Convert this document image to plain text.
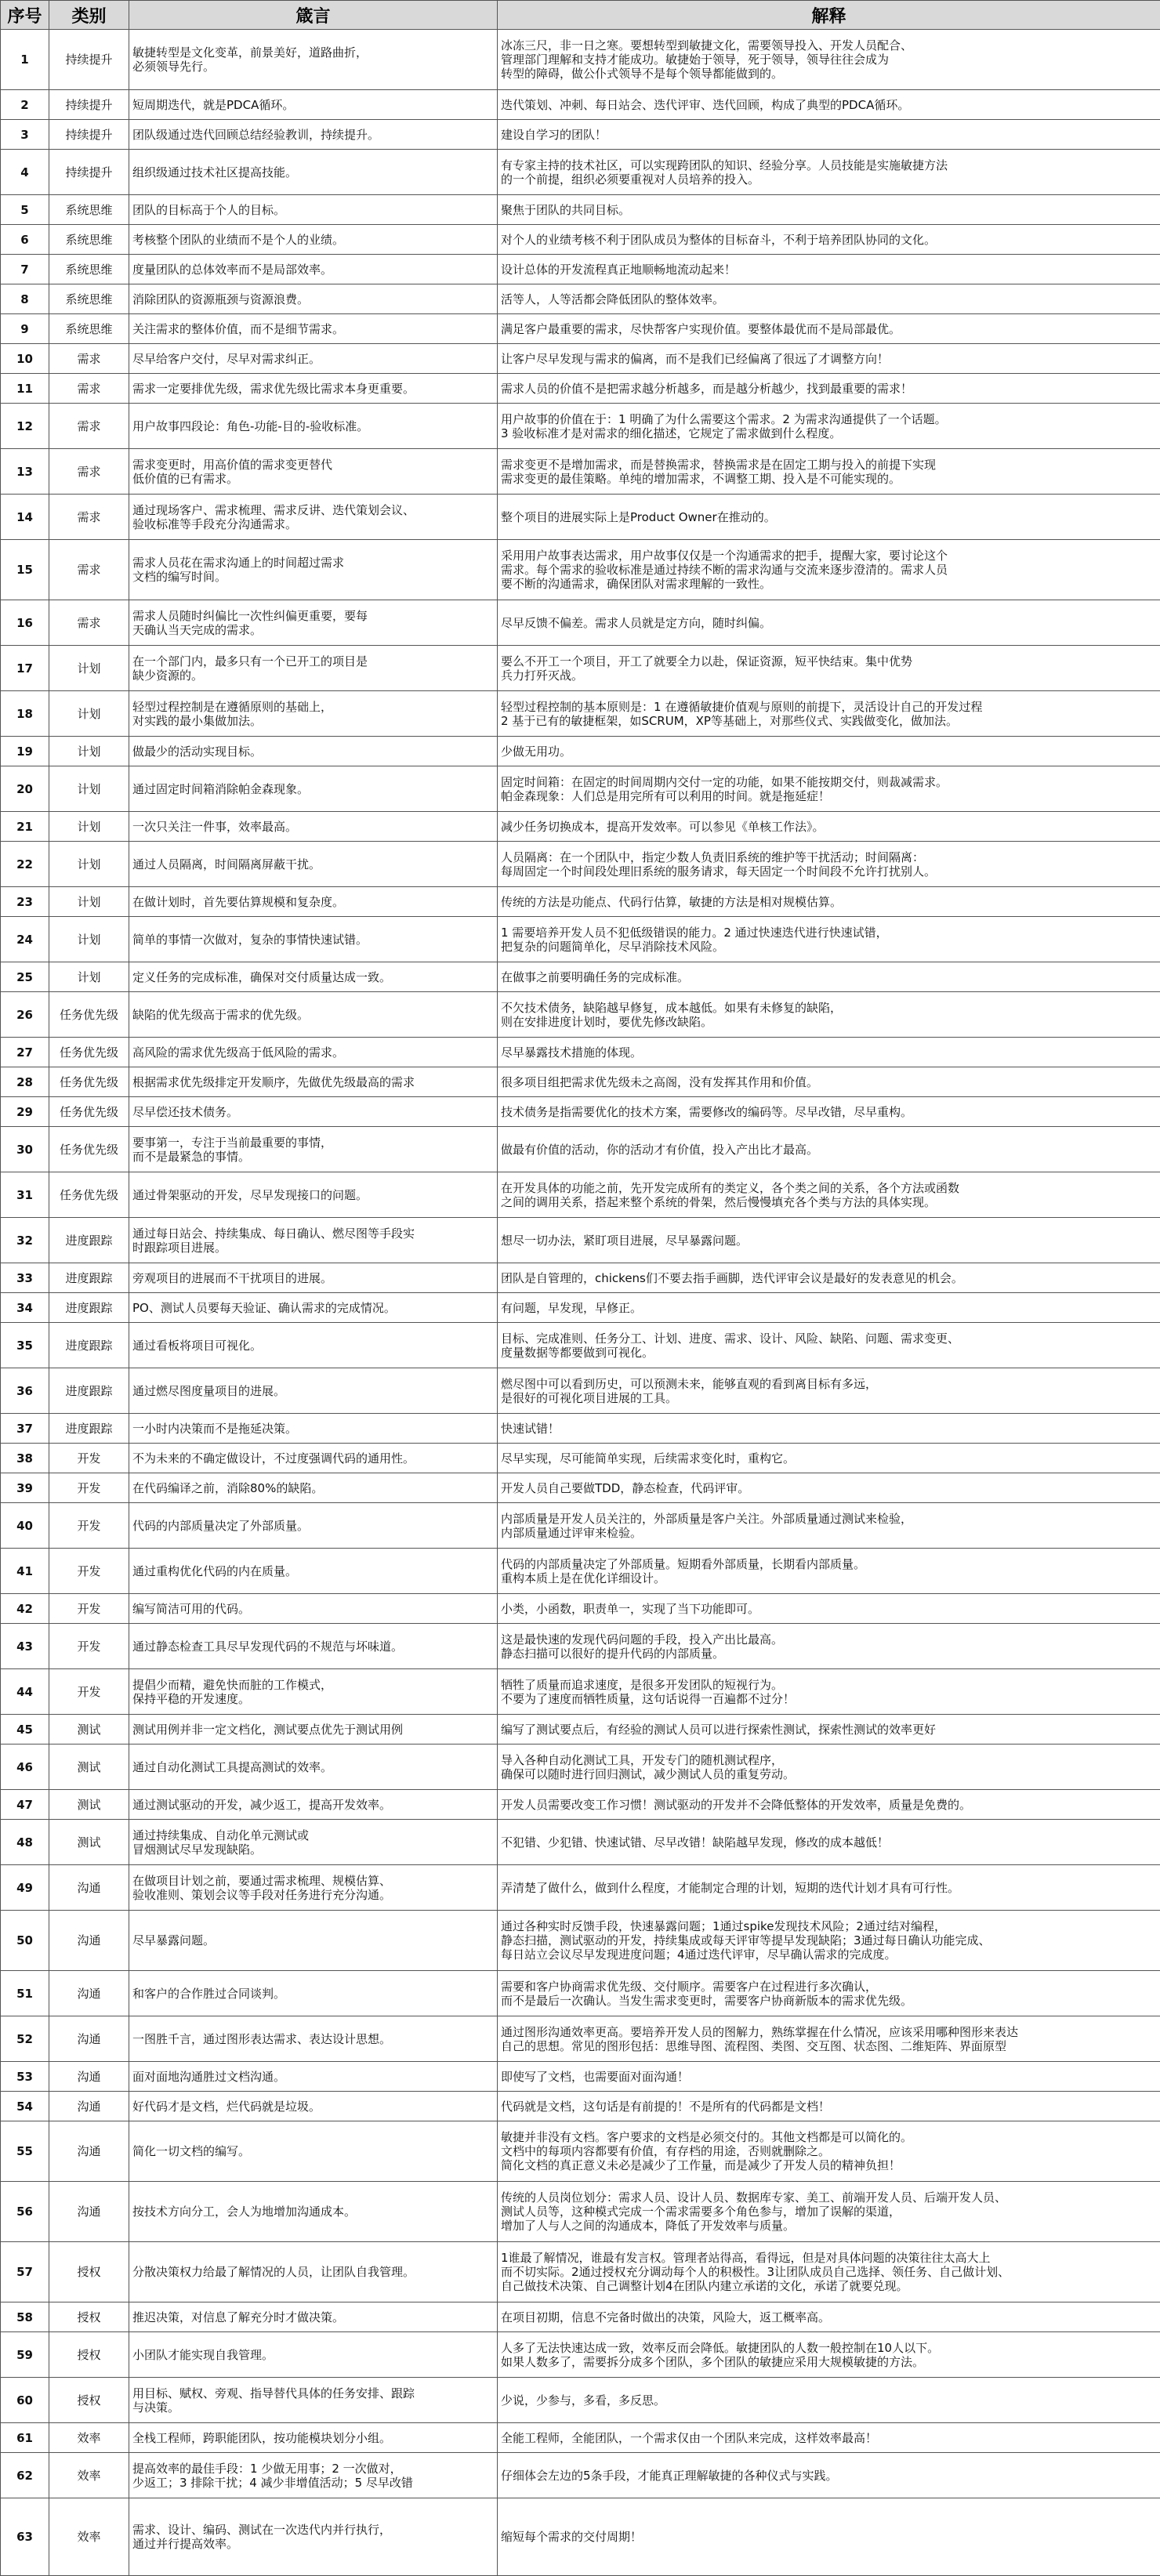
序号	类别	箴言	解释
1	持续提升	敏捷转型是文化变革，前景美好，道路曲折，
必须领导先行。	冰冻三尺，非一日之寒。要想转型到敏捷文化，需要领导投入、开发人员配合、
管理部门理解和支持才能成功。敏捷始于领导，死于领导，领导往往会成为
转型的障碍，做公仆式领导不是每个领导都能做到的。
2	持续提升	短周期迭代，就是PDCA循环。	迭代策划、冲刺、每日站会、迭代评审、迭代回顾，构成了典型的PDCA循环。
3	持续提升	团队级通过迭代回顾总结经验教训，持续提升。	建设自学习的团队！
4	持续提升	组织级通过技术社区提高技能。	有专家主持的技术社区，可以实现跨团队的知识、经验分享。人员技能是实施敏捷方法
的一个前提，组织必须要重视对人员培养的投入。
5	系统思维	团队的目标高于个人的目标。	聚焦于团队的共同目标。
6	系统思维	考核整个团队的业绩而不是个人的业绩。	对个人的业绩考核不利于团队成员为整体的目标奋斗，不利于培养团队协同的文化。
7	系统思维	度量团队的总体效率而不是局部效率。	设计总体的开发流程真正地顺畅地流动起来！
8	系统思维	消除团队的资源瓶颈与资源浪费。	活等人，人等活都会降低团队的整体效率。
9	系统思维	关注需求的整体价值，而不是细节需求。	满足客户最重要的需求，尽快帮客户实现价值。要整体最优而不是局部最优。
10	需求	尽早给客户交付，尽早对需求纠正。	让客户尽早发现与需求的偏离，而不是我们已经偏离了很远了才调整方向！
11	需求	需求一定要排优先级，需求优先级比需求本身更重要。	需求人员的价值不是把需求越分析越多，而是越分析越少，找到最重要的需求！
12	需求	用户故事四段论：角色-功能-目的-验收标准。	用户故事的价值在于：1 明确了为什么需要这个需求。2 为需求沟通提供了一个话题。
3 验收标准才是对需求的细化描述，它规定了需求做到什么程度。
13	需求	需求变更时，用高价值的需求变更替代
低价值的已有需求。	需求变更不是增加需求，而是替换需求，替换需求是在固定工期与投入的前提下实现
需求变更的最佳策略。单纯的增加需求，不调整工期、投入是不可能实现的。
14	需求	通过现场客户、需求梳理、需求反讲、迭代策划会议、
验收标准等手段充分沟通需求。	整个项目的进展实际上是Product Owner在推动的。
15	需求	需求人员花在需求沟通上的时间超过需求
文档的编写时间。	采用用户故事表达需求，用户故事仅仅是一个沟通需求的把手，提醒大家，要讨论这个
需求。每个需求的验收标准是通过持续不断的需求沟通与交流来逐步澄清的。需求人员
要不断的沟通需求，确保团队对需求理解的一致性。
16	需求	需求人员随时纠偏比一次性纠偏更重要，要每
天确认当天完成的需求。	尽早反馈不偏差。需求人员就是定方向，随时纠偏。
17	计划	在一个部门内，最多只有一个已开工的项目是
缺少资源的。	要么不开工一个项目，开工了就要全力以赴，保证资源，短平快结束。集中优势
兵力打歼灭战。
18	计划	轻型过程控制是在遵循原则的基础上，
对实践的最小集做加法。	轻型过程控制的基本原则是：1 在遵循敏捷价值观与原则的前提下，灵活设计自己的开发过程
2 基于已有的敏捷框架，如SCRUM，XP等基础上，对那些仪式、实践做变化，做加法。
19	计划	做最少的活动实现目标。	少做无用功。
20	计划	通过固定时间箱消除帕金森现象。	固定时间箱：在固定的时间周期内交付一定的功能，如果不能按期交付，则裁减需求。
帕金森现象：人们总是用完所有可以利用的时间。就是拖延症！
21	计划	一次只关注一件事，效率最高。	减少任务切换成本，提高开发效率。可以参见《单核工作法》。
22	计划	通过人员隔离，时间隔离屏蔽干扰。	人员隔离：在一个团队中，指定少数人负责旧系统的维护等干扰活动；时间隔离：
每周固定一个时间段处理旧系统的服务请求，每天固定一个时间段不允许打扰别人。
23	计划	在做计划时，首先要估算规模和复杂度。	传统的方法是功能点、代码行估算，敏捷的方法是相对规模估算。
24	计划	简单的事情一次做对，复杂的事情快速试错。	1 需要培养开发人员不犯低级错误的能力。2 通过快速迭代进行快速试错，
把复杂的问题简单化，尽早消除技术风险。
25	计划	定义任务的完成标准，确保对交付质量达成一致。	在做事之前要明确任务的完成标准。
26	任务优先级	缺陷的优先级高于需求的优先级。	不欠技术债务，缺陷越早修复，成本越低。如果有未修复的缺陷，
则在安排进度计划时，要优先修改缺陷。
27	任务优先级	高风险的需求优先级高于低风险的需求。	尽早暴露技术措施的体现。
28	任务优先级	根据需求优先级排定开发顺序，先做优先级最高的需求	很多项目组把需求优先级未之高阁，没有发挥其作用和价值。
29	任务优先级	尽早偿还技术债务。	技术债务是指需要优化的技术方案，需要修改的编码等。尽早改错，尽早重构。
30	任务优先级	要事第一，专注于当前最重要的事情，
而不是最紧急的事情。	做最有价值的活动，你的活动才有价值，投入产出比才最高。
31	任务优先级	通过骨架驱动的开发，尽早发现接口的问题。	在开发具体的功能之前，先开发完成所有的类定义，各个类之间的关系，各个方法或函数
之间的调用关系，搭起来整个系统的骨架，然后慢慢填充各个类与方法的具体实现。
32	进度跟踪	通过每日站会、持续集成、每日确认、燃尽图等手段实
时跟踪项目进展。	想尽一切办法，紧盯项目进展，尽早暴露问题。
33	进度跟踪	旁观项目的进展而不干扰项目的进展。	团队是自管理的，chickens们不要去指手画脚，迭代评审会议是最好的发表意见的机会。
34	进度跟踪	PO、测试人员要每天验证、确认需求的完成情况。	有问题，早发现，早修正。
35	进度跟踪	通过看板将项目可视化。	目标、完成准则、任务分工、计划、进度、需求、设计、风险、缺陷、问题、需求变更、
度量数据等都要做到可视化。
36	进度跟踪	通过燃尽图度量项目的进展。	燃尽图中可以看到历史，可以预测未来，能够直观的看到离目标有多远，
是很好的可视化项目进展的工具。
37	进度跟踪	一小时内决策而不是拖延决策。	快速试错！
38	开发	不为未来的不确定做设计，不过度强调代码的通用性。	尽早实现，尽可能简单实现，后续需求变化时，重构它。
39	开发	在代码编译之前，消除80%的缺陷。	开发人员自己要做TDD，静态检查，代码评审。
40	开发	代码的内部质量决定了外部质量。	内部质量是开发人员关注的，外部质量是客户关注。外部质量通过测试来检验，
内部质量通过评审来检验。
41	开发	通过重构优化代码的内在质量。	代码的内部质量决定了外部质量。短期看外部质量，长期看内部质量。
重构本质上是在优化详细设计。
42	开发	编写简洁可用的代码。	小类，小函数，职责单一，实现了当下功能即可。
43	开发	通过静态检查工具尽早发现代码的不规范与坏味道。	这是最快速的发现代码问题的手段，投入产出比最高。
静态扫描可以很好的提升代码的内部质量。
44	开发	提倡少而精，避免快而脏的工作模式，
保持平稳的开发速度。	牺牲了质量而追求速度，是很多开发团队的短视行为。
不要为了速度而牺牲质量，这句话说得一百遍都不过分！
45	测试	测试用例并非一定文档化，测试要点优先于测试用例	编写了测试要点后，有经验的测试人员可以进行探索性测试，探索性测试的效率更好
46	测试	通过自动化测试工具提高测试的效率。	导入各种自动化测试工具，开发专门的随机测试程序，
确保可以随时进行回归测试，减少测试人员的重复劳动。
47	测试	通过测试驱动的开发，减少返工，提高开发效率。	开发人员需要改变工作习惯！测试驱动的开发并不会降低整体的开发效率，质量是免费的。
48	测试	通过持续集成、自动化单元测试或
冒烟测试尽早发现缺陷。	不犯错、少犯错、快速试错、尽早改错！缺陷越早发现，修改的成本越低！
49	沟通	在做项目计划之前，要通过需求梳理、规模估算、
验收准则、策划会议等手段对任务进行充分沟通。	弄清楚了做什么，做到什么程度，才能制定合理的计划，短期的迭代计划才具有可行性。
50	沟通	尽早暴露问题。	通过各种实时反馈手段，快速暴露问题；1通过spike发现技术风险；2通过结对编程，
静态扫描，测试驱动的开发，持续集成或每天评审等提早发现缺陷；3通过每日确认功能完成、
每日站立会议尽早发现进度问题；4通过迭代评审，尽早确认需求的完成度。
51	沟通	和客户的合作胜过合同谈判。	需要和客户协商需求优先级、交付顺序。需要客户在过程进行多次确认，
而不是最后一次确认。当发生需求变更时，需要客户协商新版本的需求优先级。
52	沟通	一图胜千言，通过图形表达需求、表达设计思想。	通过图形沟通效率更高。要培养开发人员的图解力，熟练掌握在什么情况，应该采用哪种图形来表达
自己的思想。常见的图形包括：思维导图、流程图、类图、交互图、状态图、二维矩阵、界面原型
53	沟通	面对面地沟通胜过文档沟通。	即使写了文档，也需要面对面沟通！
54	沟通	好代码才是文档，烂代码就是垃圾。	代码就是文档，这句话是有前提的！不是所有的代码都是文档！
55	沟通	简化一切文档的编写。	敏捷并非没有文档。客户要求的文档是必须交付的。其他文档都是可以简化的。
文档中的每项内容都要有价值，有存档的用途，否则就删除之。
简化文档的真正意义未必是减少了工作量，而是减少了开发人员的精神负担！
56	沟通	按技术方向分工，会人为地增加沟通成本。	传统的人员岗位划分：需求人员、设计人员、数据库专家、美工、前端开发人员、后端开发人员、
测试人员等，这种模式完成一个需求需要多个角色参与，增加了误解的渠道，
增加了人与人之间的沟通成本，降低了开发效率与质量。
57	授权	分散决策权力给最了解情况的人员，让团队自我管理。	1谁最了解情况，谁最有发言权。管理者站得高，看得远，但是对具体问题的决策往往太高大上
而不切实际。2通过授权充分调动每个人的积极性。3让团队成员自己选择、领任务、自己做计划、
自己做技术决策、自己调整计划4在团队内建立承诺的文化，承诺了就要兑现。
58	授权	推迟决策，对信息了解充分时才做决策。	在项目初期，信息不完备时做出的决策，风险大，返工概率高。
59	授权	小团队才能实现自我管理。	人多了无法快速达成一致，效率反而会降低。敏捷团队的人数一般控制在10人以下。
如果人数多了，需要拆分成多个团队，多个团队的敏捷应采用大规模敏捷的方法。
60	授权	用目标、赋权、旁观、指导替代具体的任务安排、跟踪
与决策。	少说，少参与，多看，多反思。
61	效率	全栈工程师，跨职能团队，按功能模块划分小组。	全能工程师，全能团队，一个需求仅由一个团队来完成，这样效率最高！
62	效率	提高效率的最佳手段：1 少做无用事；2 一次做对，
少返工；3 排除干扰；4 减少非增值活动；5 尽早改错	仔细体会左边的5条手段，才能真正理解敏捷的各种仪式与实践。
63	效率	需求、设计、编码、测试在一次迭代内并行执行，
通过并行提高效率。	缩短每个需求的交付周期！
